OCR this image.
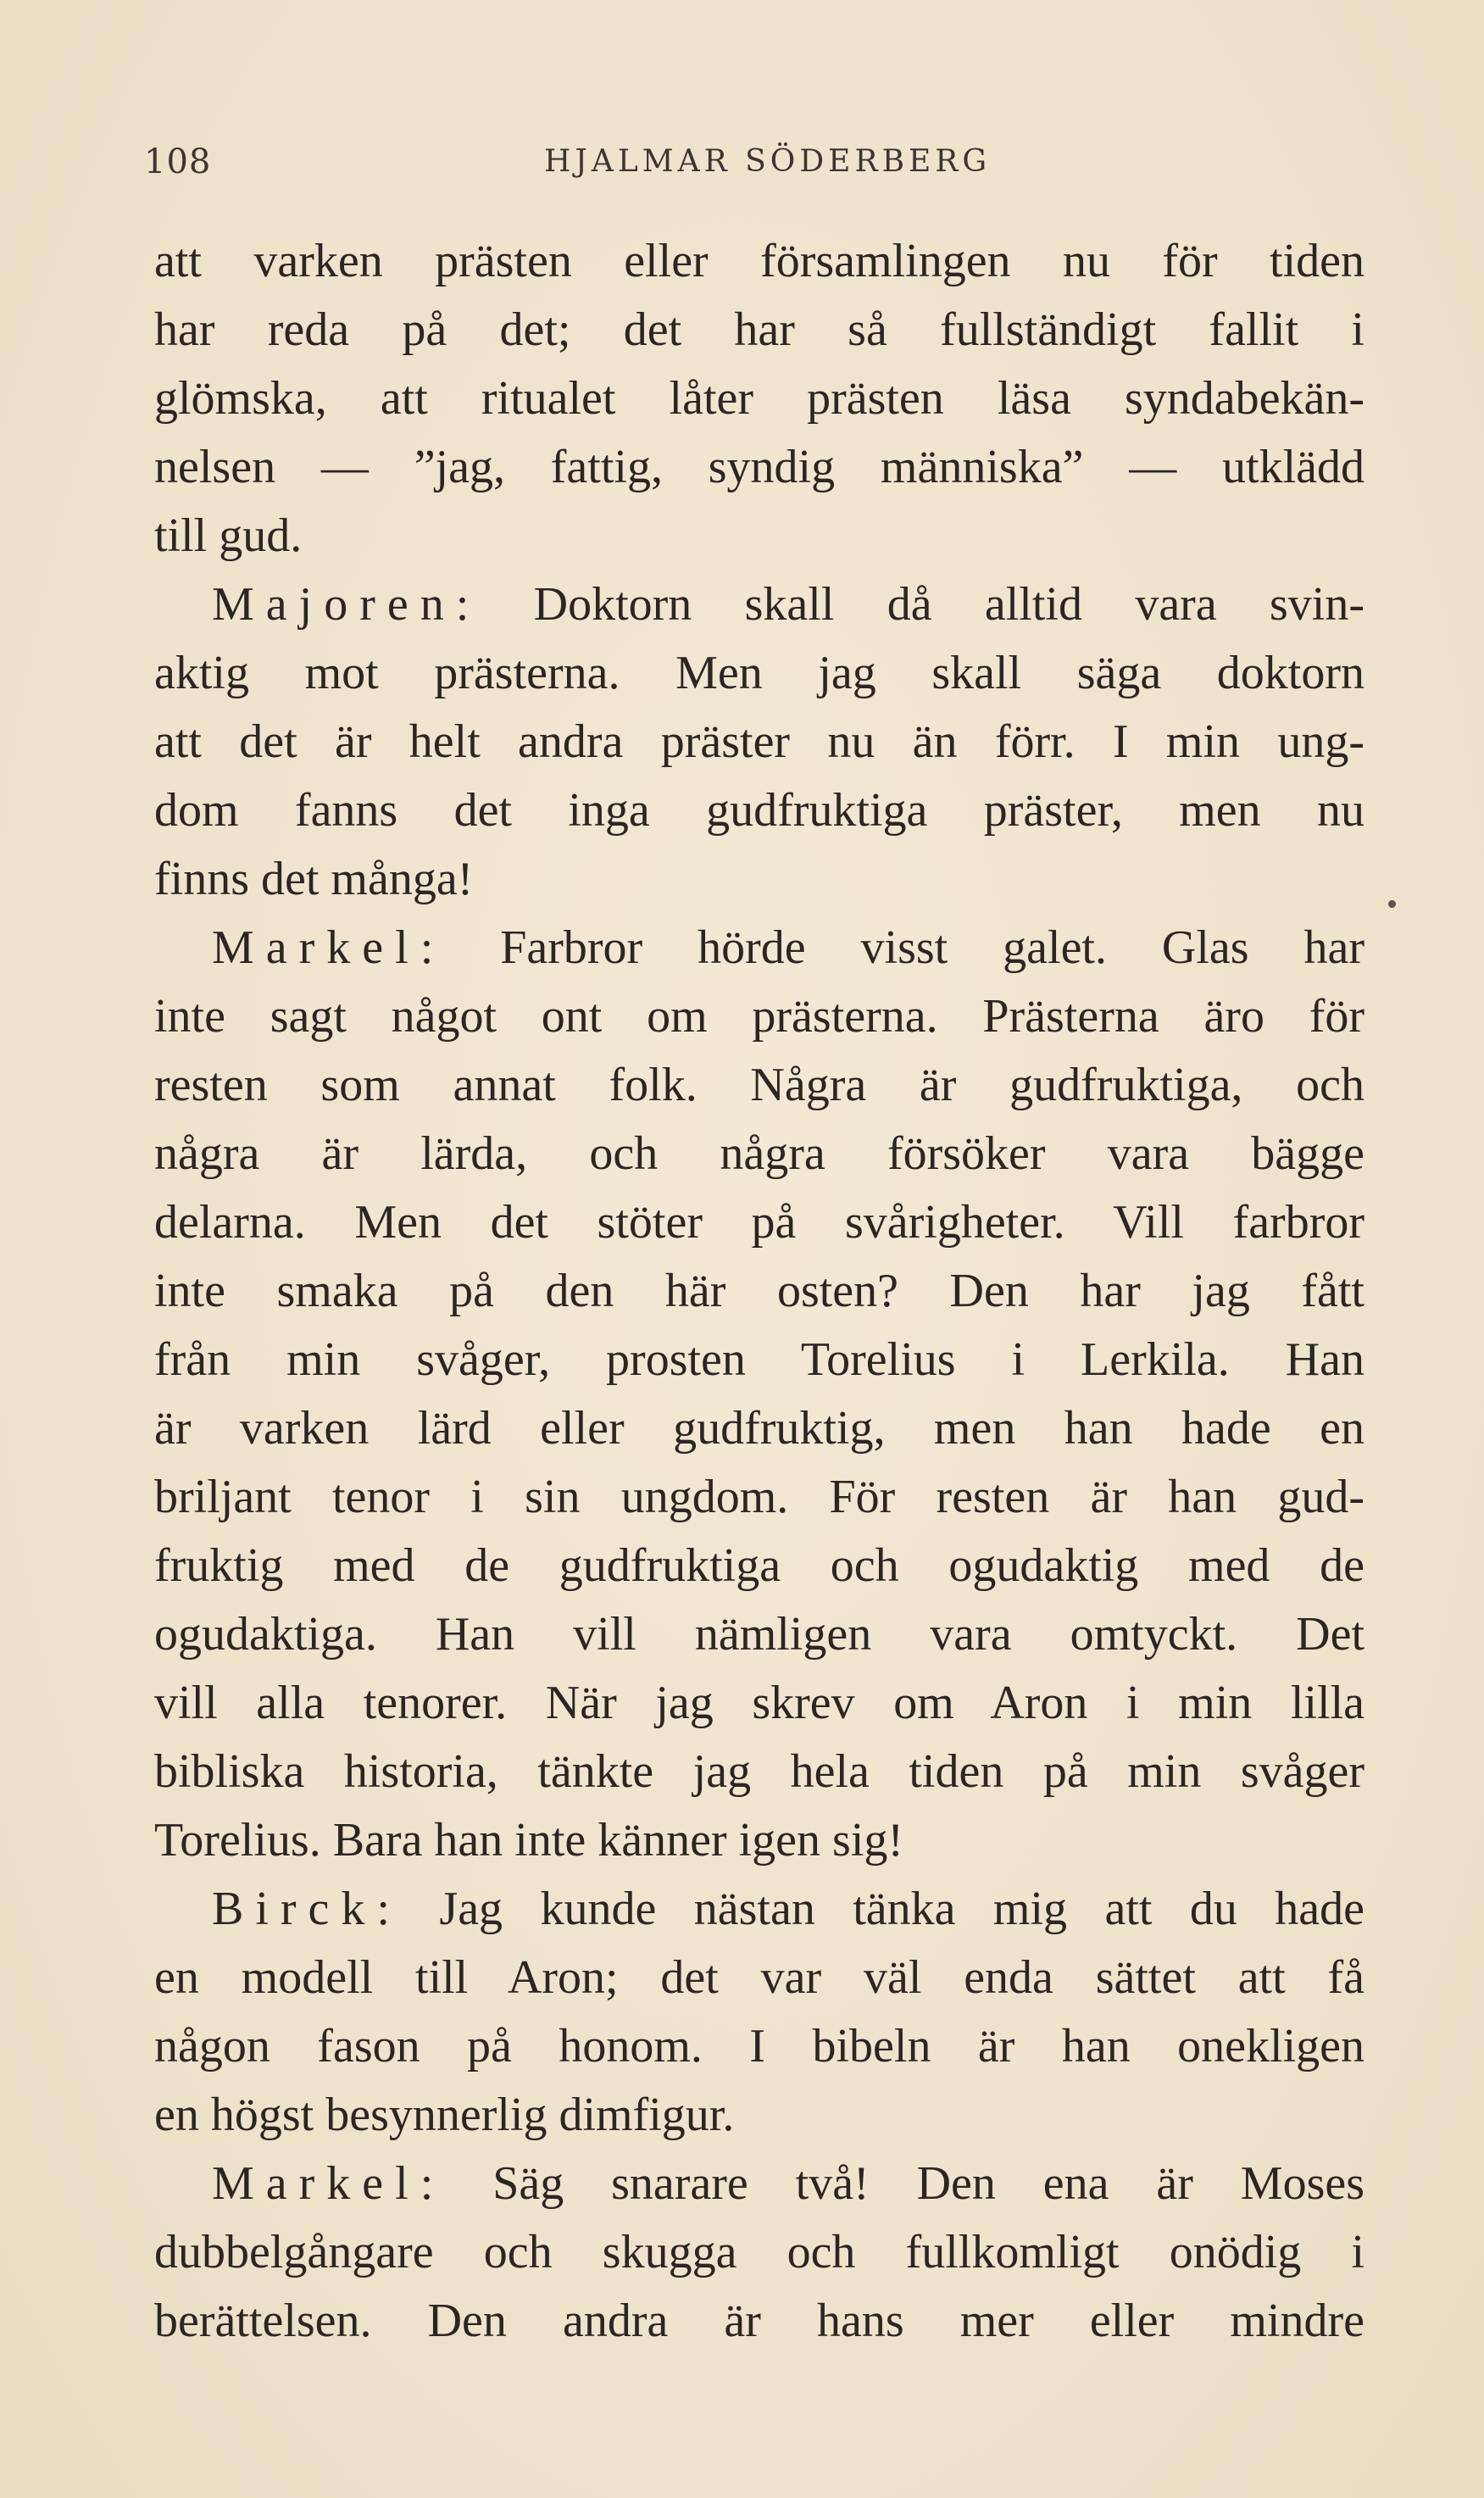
108	HJALMAR SÖDERBERG
att varken prästen eller församlingen nu för tiden
har reda på det; det har så fullständigt fallit i
glömska, att ritualet låter prästen läsa syndabekän-
nelsen — ”jag, fattig, syndig människa” — utklädd
till gud.
Majoren: Doktorn skall då alltid vara svin-
aktig mot prästerna. Men jag skall säga doktorn
att det är helt andra präster nu än förr. I min ung-
dom fanns det inga gudfruktiga präster, men nu
finns det många!
Markel: Farbror hörde visst galet. Glas har
inte sagt något ont om prästerna. Prästerna äro för
resten som annat folk. Några är gudfruktiga, och
några är lärda, och några försöker vara bägge
delarna. Men det stöter på svårigheter. Vill farbror
inte smaka på den här osten? Den har jag fått
från min svåger, prosten Torelius i Lerkila. Han
är varken lärd eller gudfruktig, men han hade en
briljant tenor i sin ungdom. För resten är han gud-
fruktig med de gudfruktiga och ogudaktig med de
ogudaktiga. Han vill nämligen vara omtyckt. Det
vill alla tenorer. När jag skrev om Aron i min lilla
bibliska historia, tänkte jag hela tiden på min svåger
Torelius. Bara han inte känner igen sig!
Birck: Jag kunde nästan tänka mig att du hade
en modell till Aron; det var väl enda sättet att få
någon fason på honom. I bibeln är han onekligen
en högst besynnerlig dimfigur.
Markel: Säg snarare två! Den ena är Moses
dubbelgångare och skugga och fullkomligt onödig i
berättelsen. Den andra är hans mer eller mindre
